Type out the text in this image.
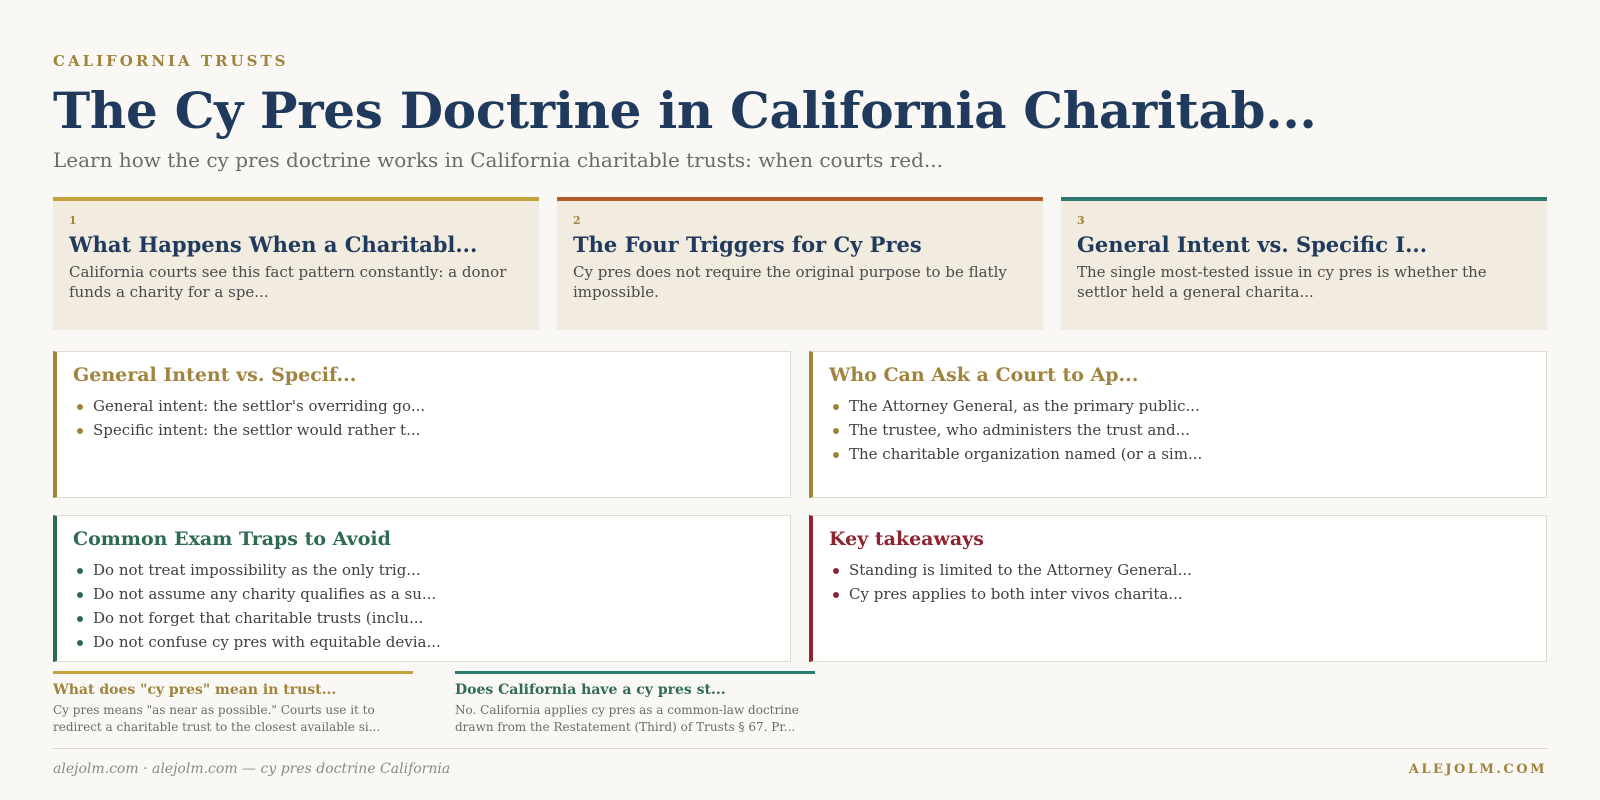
CALIFORNIA TRUSTS
The Cy Pres Doctrine in California Charitab...

Learn how the cy pres doctrine works in California charitable trusts: when courts red...

1
What Happens When a Charitabl...
California courts see this fact pattern constantly: a donor funds a charity for a spe...
2
The Four Triggers for Cy Pres
Cy pres does not require the original purpose to be flatly impossible.
3
General Intent vs. Specific I...
The single most-tested issue in cy pres is whether the settlor held a general charita...
General Intent vs. Specif...
General intent: the settlor's overriding go...
Specific intent: the settlor would rather t...
Who Can Ask a Court to Ap...
The Attorney General, as the primary public...
The trustee, who administers the trust and...
The charitable organization named (or a sim...
Common Exam Traps to Avoid
Do not treat impossibility as the only trig...
Do not assume any charity qualifies as a su...
Do not forget that charitable trusts (inclu...
Do not confuse cy pres with equitable devia...
Key takeaways
Standing is limited to the Attorney General...
Cy pres applies to both inter vivos charita...
What does "cy pres" mean in trust...
Cy pres means "as near as possible." Courts use it to redirect a charitable trust to the closest available si...
Does California have a cy pres st...
No. California applies cy pres as a common-law doctrine drawn from the Restatement (Third) of Trusts § 67. Pr...
alejolm.com · alejolm.com — cy pres doctrine California	ALEJOLM.COM
